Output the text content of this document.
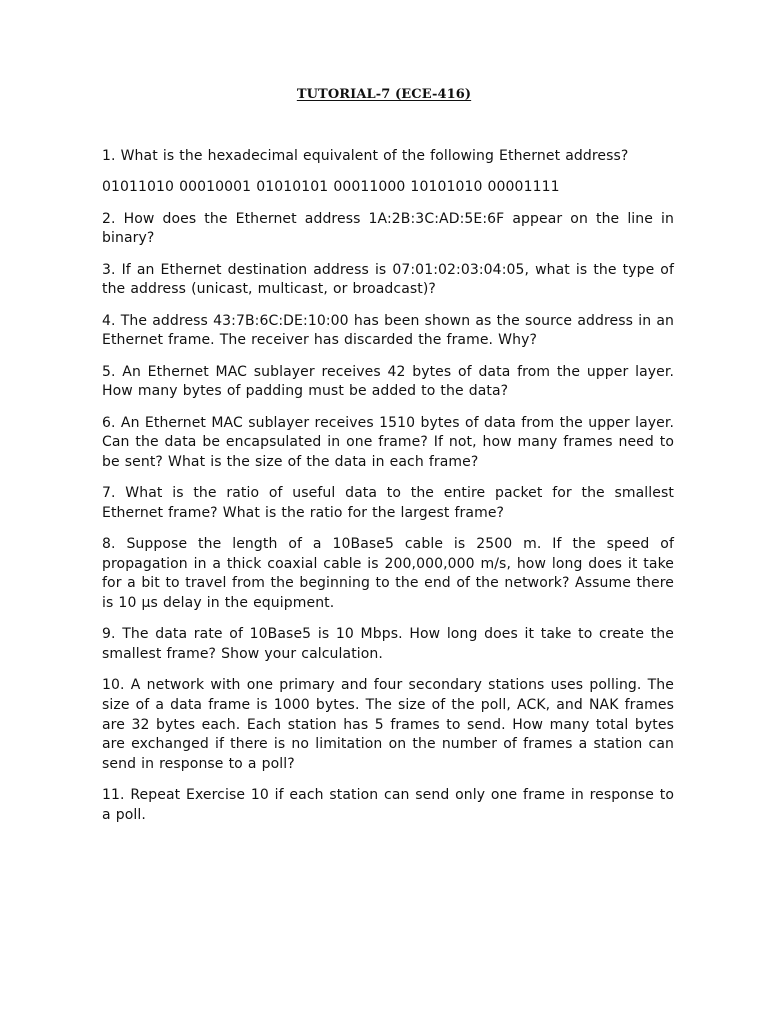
TUTORIAL-7 (ECE-416)

1. What is the hexadecimal equivalent of the following Ethernet address?

01011010 00010001 01010101 00011000 10101010 00001111

2. How does the Ethernet address 1A:2B:3C:AD:5E:6F appear on the line in binary?

3. If an Ethernet destination address is 07:01:02:03:04:05, what is the type of the address (unicast, multicast, or broadcast)?

4. The address 43:7B:6C:DE:10:00 has been shown as the source address in an Ethernet frame. The receiver has discarded the frame. Why?

5. An Ethernet MAC sublayer receives 42 bytes of data from the upper layer. How many bytes of padding must be added to the data?

6. An Ethernet MAC sublayer receives 1510 bytes of data from the upper layer. Can the data be encapsulated in one frame? If not, how many frames need to be sent? What is the size of the data in each frame?

7. What is the ratio of useful data to the entire packet for the smallest Ethernet frame? What is the ratio for the largest frame?

8. Suppose the length of a 10Base5 cable is 2500 m. If the speed of propagation in a thick coaxial cable is 200,000,000 m/s, how long does it take for a bit to travel from the beginning to the end of the network? Assume there is 10 µs delay in the equipment.

9. The data rate of 10Base5 is 10 Mbps. How long does it take to create the smallest frame? Show your calculation.

10. A network with one primary and four secondary stations uses polling. The size of a data frame is 1000 bytes. The size of the poll, ACK, and NAK frames are 32 bytes each. Each station has 5 frames to send. How many total bytes are exchanged if there is no limitation on the number of frames a station can send in response to a poll?

11. Repeat Exercise 10 if each station can send only one frame in response to a poll.
